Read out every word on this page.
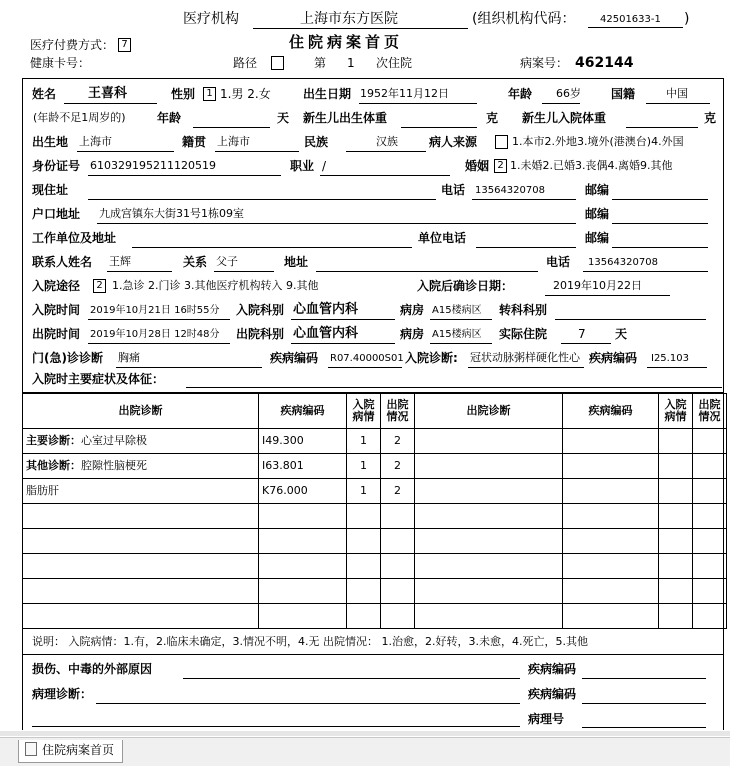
医疗机构	上海市东方医院	(组织机构代码： 42501633-1 )
医疗付费方式： 7	住院病案首页
健康卡号：	路径	第 1 次住院	病案号： 462144
姓名 王喜科	性别	1 1.男 2.女	出生日期 1952年11月12日	年龄 66岁	国籍	中国
(年龄不足1周岁的)	年龄	天 新生儿出生体重	克 新生儿入院体重	克
出生地 上海市	籍贯 上海市	民族	汉族	病人来源	1.本市2.外地3.境外(港澳台)4.外国
身份证号 610329195211120519	职业 /	婚姻 2 1.未婚2.已婚3.丧偶4.离婚9.其他
现住址	电话 13564320708	邮编
户口地址 九成宫镇东大街31号1栋09室	邮编
工作单位及地址	单位电话	邮编
联系人姓名 王辉	关系 父子	地址	电话 13564320708
入院途径	2 1.急诊 2.门诊 3.其他医疗机构转入 9.其他	入院后确诊日期：	2019年10月22日
入院时间 2019年10月21日 16时55分 入院科别 心血管内科	病房 A15楼病区 转科科别
出院时间 2019年10月28日 12时48分 出院科别 心血管内科	病房 A15楼病区 实际住院	7 天
门(急)诊诊断 胸痛	疾病编码 R07.40000S01 入院诊断: 冠状动脉粥样硬化性心 疾病编码 I25.103
入院时主要症状及体征：
出院诊断	疾病编码	入院病情	出院情况	出院诊断	疾病编码	入院病情	出院情况
主要诊断：心室过早除极	I49.300	1	2				
其他诊断：腔隙性脑梗死	I63.801	1	2				
脂肪肝	K76.000	1	2				

说明： 入院病情：1.有，2.临床未确定，3.情况不明，4.无 出院情况： 1.治愈，2.好转，3.未愈，4.死亡，5.其他
损伤、中毒的外部原因	疾病编码
病理诊断：	疾病编码
病理号
住院病案首页
